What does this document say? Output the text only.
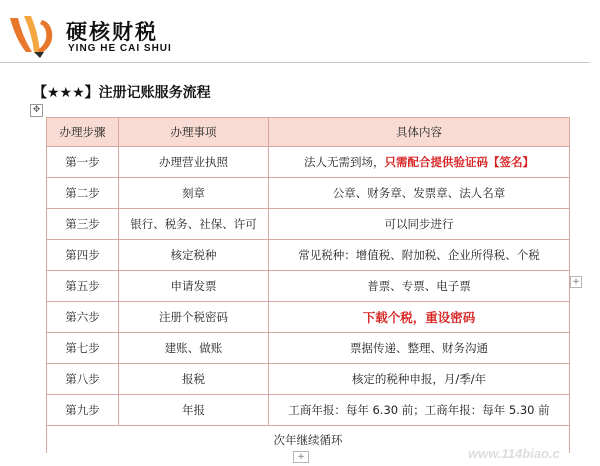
硬核财税
YING HE CAI SHUI
【★★★】注册记账服务流程
✥
办理步骤	办理事项	具体内容
第一步	办理营业执照	法人无需到场，只需配合提供验证码【签名】
第二步	刻章	公章、财务章、发票章、法人名章
第三步	银行、税务、社保、许可	可以同步进行
第四步	核定税种	常见税种：增值税、附加税、企业所得税、个税
第五步	申请发票	普票、专票、电子票
第六步	注册个税密码	下载个税，重设密码
第七步	建账、做账	票据传递、整理、财务沟通
第八步	报税	核定的税种申报，月/季/年
第九步	年报	工商年报：每年 6.30 前；工商年报：每年 5.30 前
次年继续循环		
+
+	www.114biao.c
